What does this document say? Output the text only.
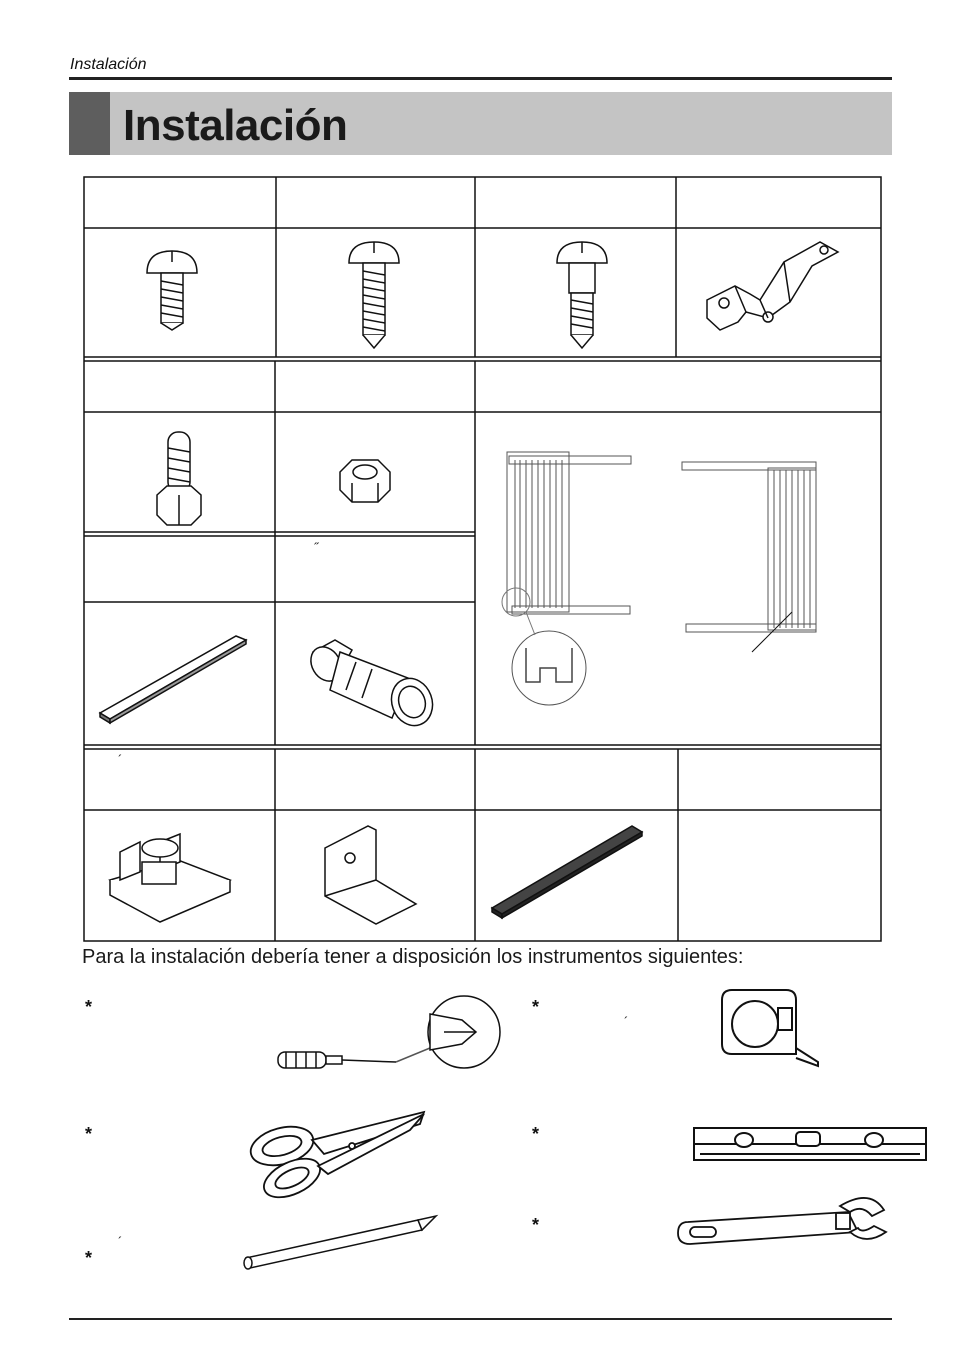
Instalación
Instalación
˝
´
Para la instalación debería tener a disposición los instrumentos siguientes:
*
*
*
*
*
*
´
´
